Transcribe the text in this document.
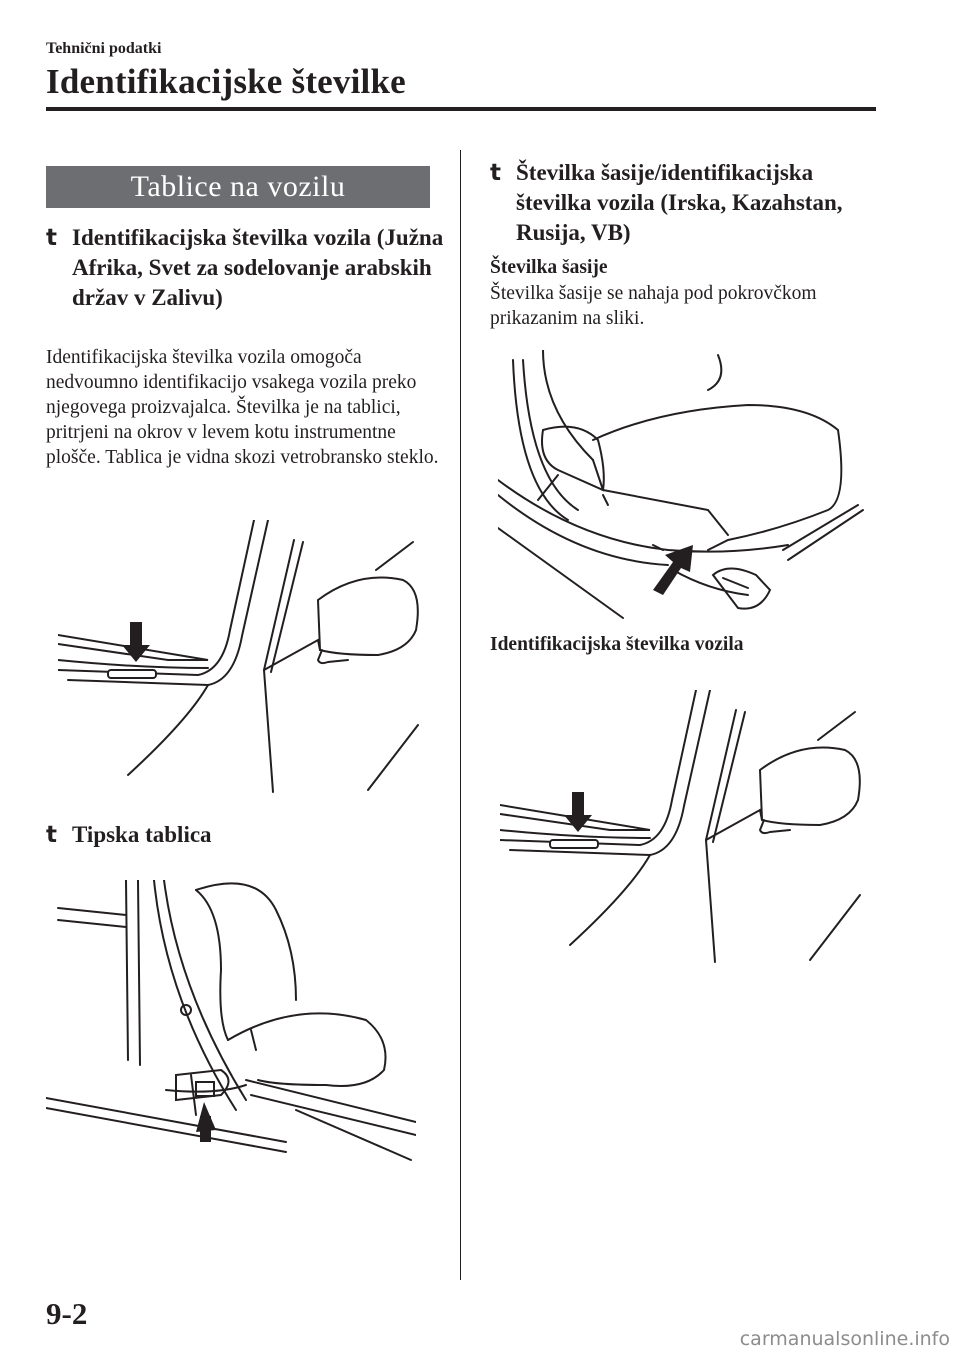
Tehnični podatki
Identifikacijske številke
Tablice na vozilu
t Identifikacijska številka vozila (Južna Afrika, Svet za sodelovanje arabskih držav v Zalivu)
Identifikacijska številka vozila omogoča nedvoumno identifikacijo vsakega vozila preko njegovega proizvajalca. Številka je na tablici, pritrjeni na okrov v levem kotu instrumentne plošče. Tablica je vidna skozi vetrobransko steklo.
t Tipska tablica
t Številka šasije/identifikacijska številka vozila (Irska, Kazahstan, Rusija, VB)
Številka šasije
Številka šasije se nahaja pod pokrovčkom prikazanim na sliki.
Identifikacijska številka vozila
9-2
carmanualsonline.info
